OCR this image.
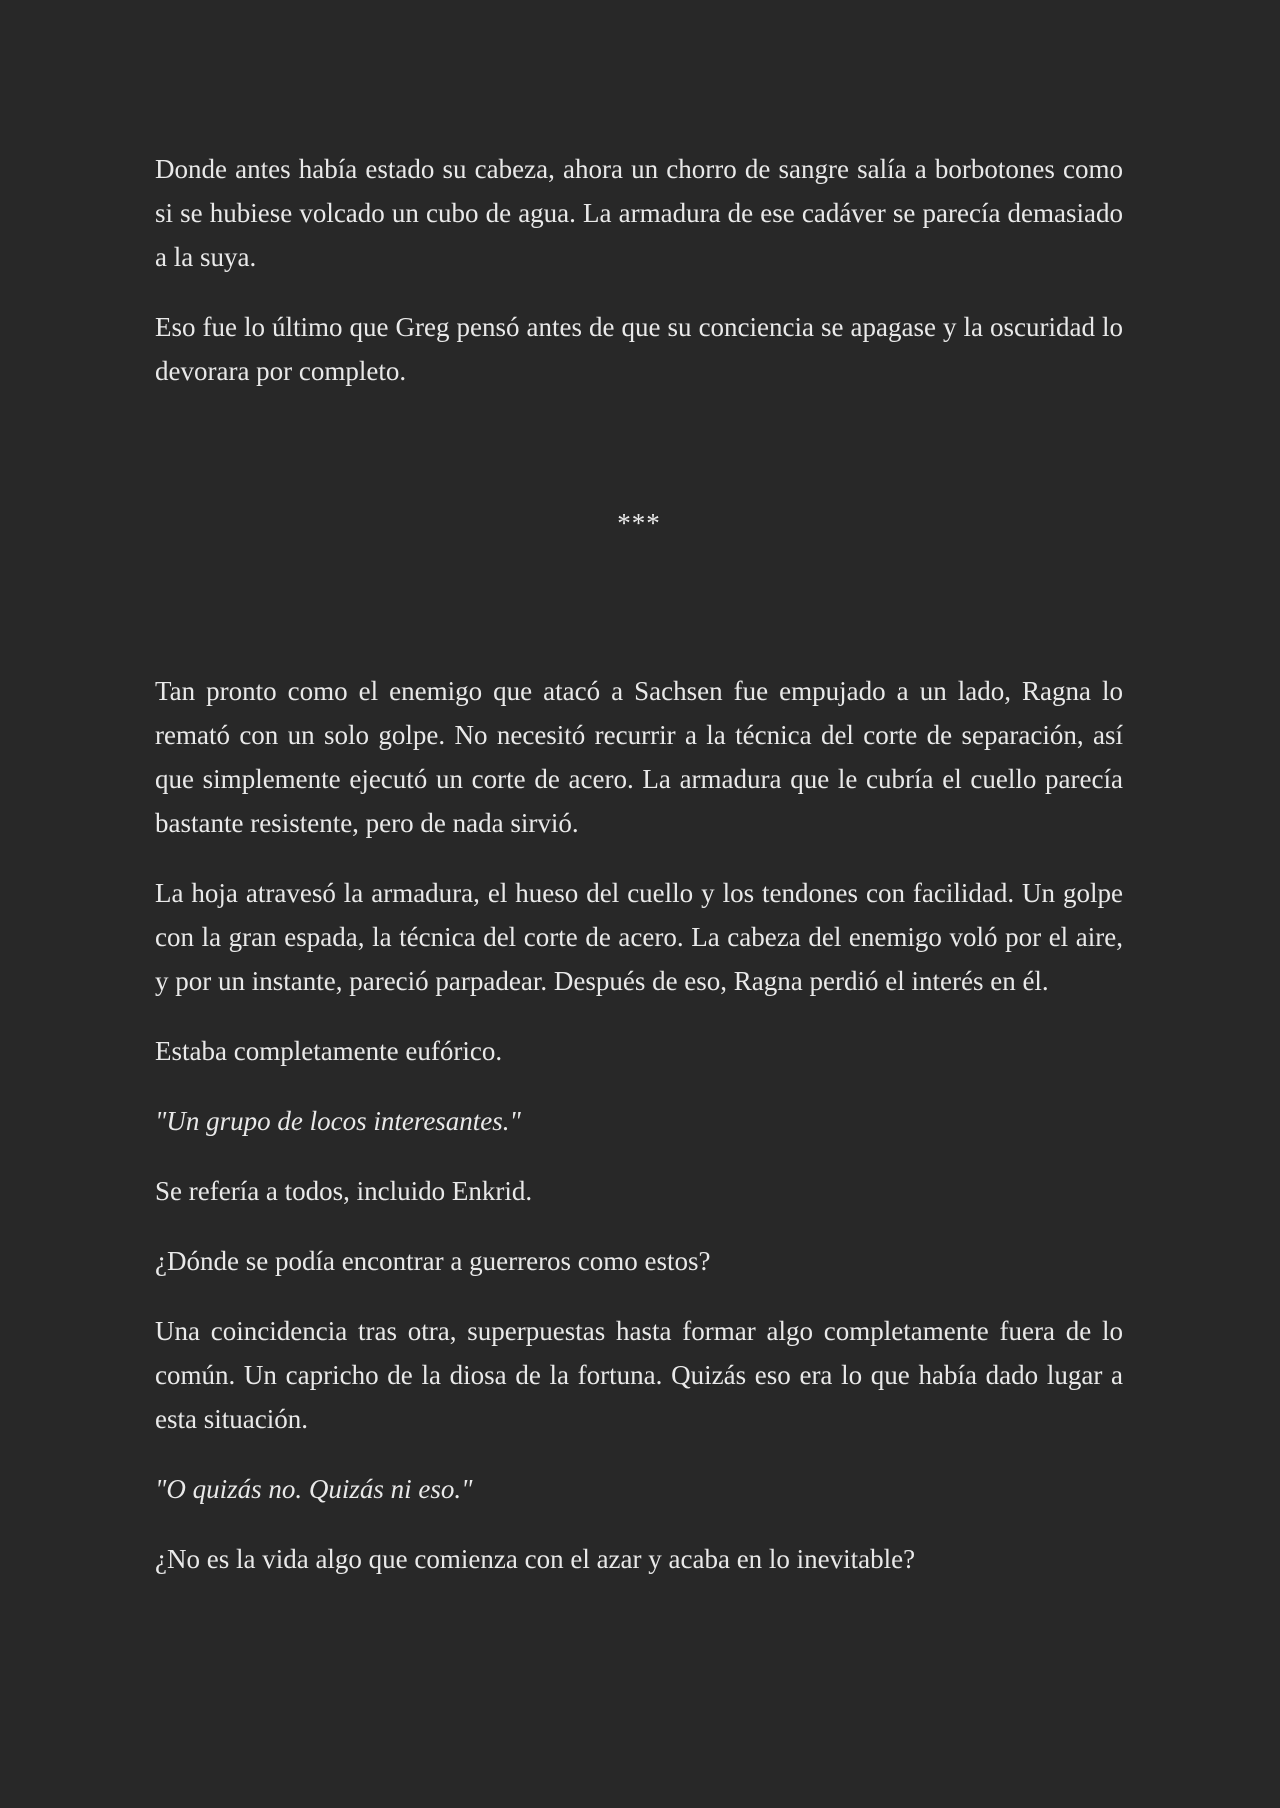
Donde antes había estado su cabeza, ahora un chorro de sangre salía a borbotones como si se hubiese volcado un cubo de agua. La armadura de ese cadáver se parecía demasiado a la suya.

Eso fue lo último que Greg pensó antes de que su conciencia se apagase y la oscuridad lo devorara por completo.

***

Tan pronto como el enemigo que atacó a Sachsen fue empujado a un lado, Ragna lo remató con un solo golpe. No necesitó recurrir a la técnica del corte de separación, así que simplemente ejecutó un corte de acero. La armadura que le cubría el cuello parecía bastante resistente, pero de nada sirvió.

La hoja atravesó la armadura, el hueso del cuello y los tendones con facilidad. Un golpe con la gran espada, la técnica del corte de acero. La cabeza del enemigo voló por el aire, y por un instante, pareció parpadear. Después de eso, Ragna perdió el interés en él.

Estaba completamente eufórico.

"Un grupo de locos interesantes."

Se refería a todos, incluido Enkrid.

¿Dónde se podía encontrar a guerreros como estos?

Una coincidencia tras otra, superpuestas hasta formar algo completamente fuera de lo común. Un capricho de la diosa de la fortuna. Quizás eso era lo que había dado lugar a esta situación.

"O quizás no. Quizás ni eso."

¿No es la vida algo que comienza con el azar y acaba en lo inevitable?
